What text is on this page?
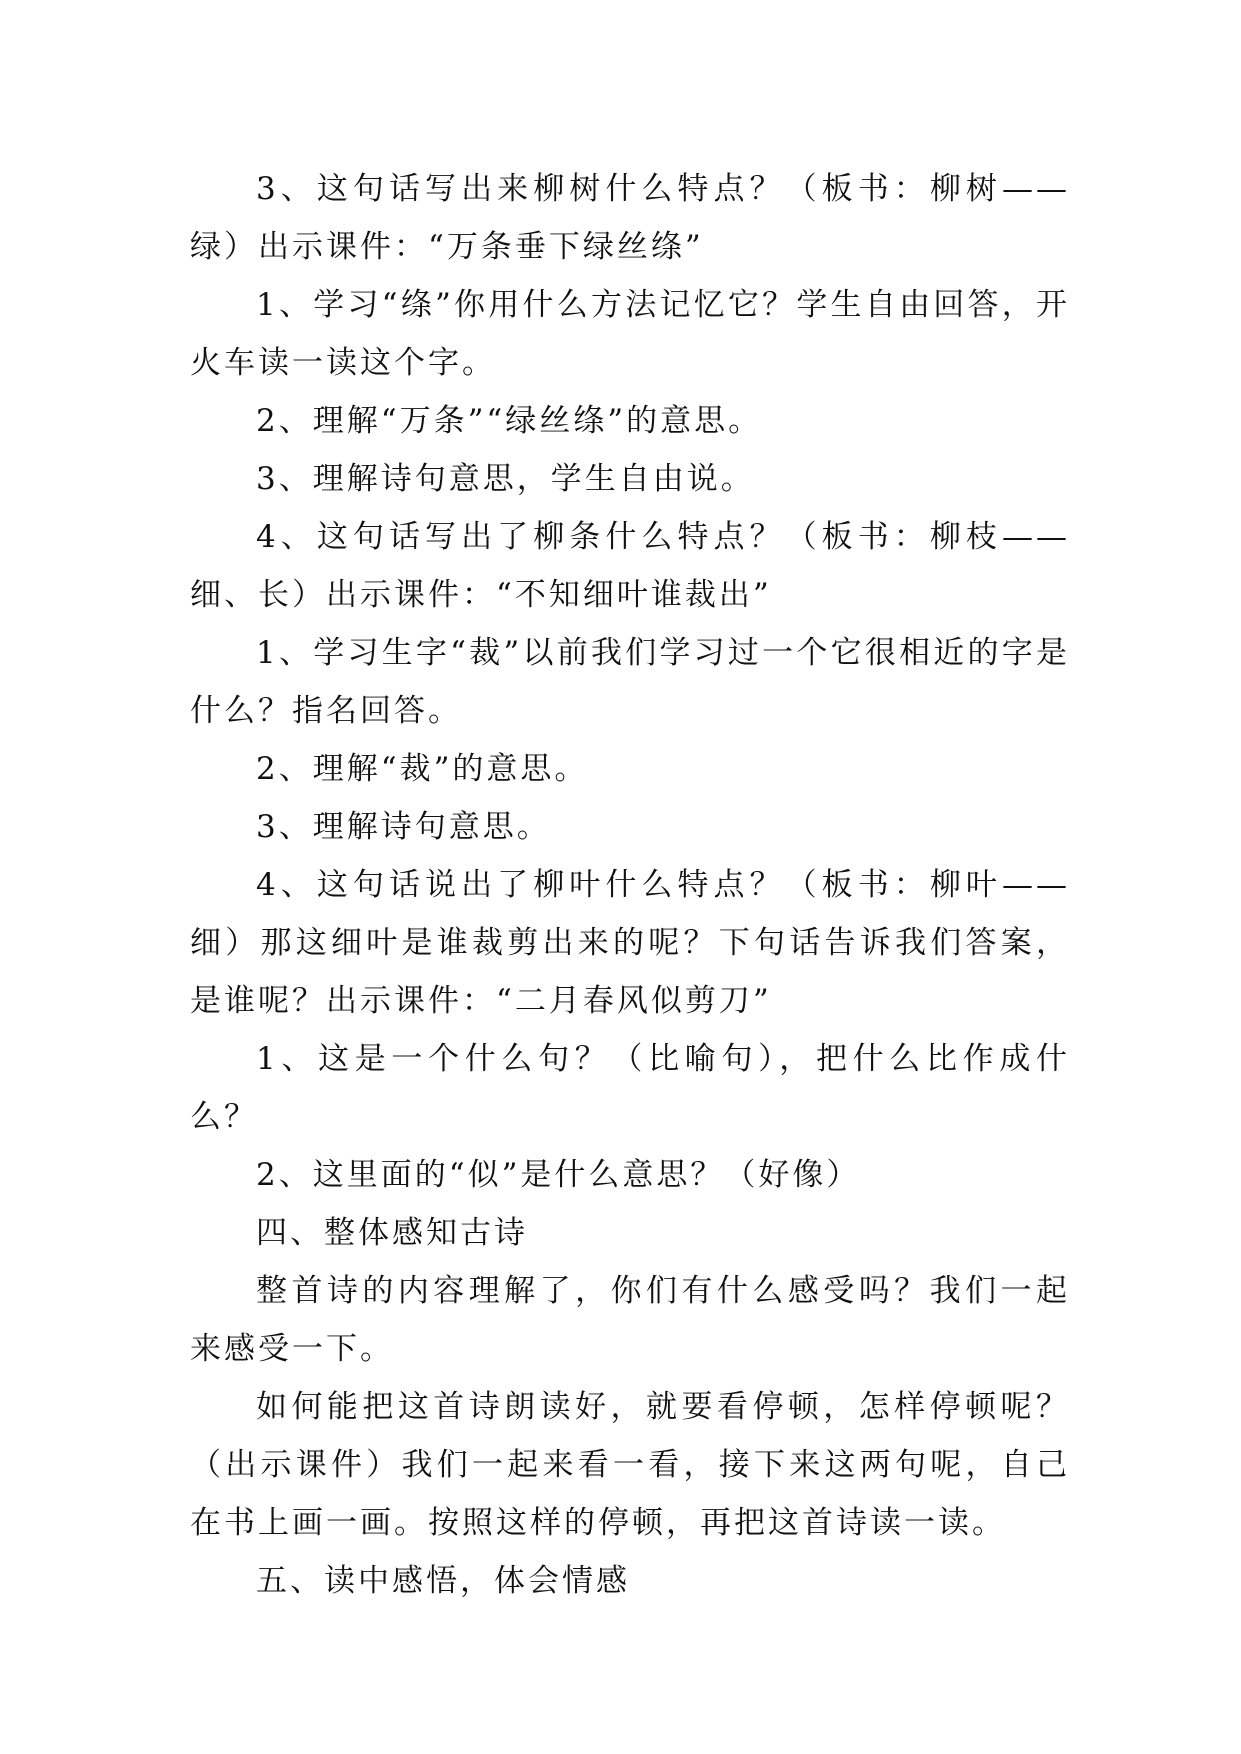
3、这句话写出来柳树什么特点？（板书：柳树——绿）出示课件：“万条垂下绿丝绦”

1、学习“绦”你用什么方法记忆它？学生自由回答，开火车读一读这个字。

2、理解“万条”“绿丝绦”的意思。

3、理解诗句意思，学生自由说。

4、这句话写出了柳条什么特点？（板书：柳枝——细、长）出示课件：“不知细叶谁裁出”

1、学习生字“裁”以前我们学习过一个它很相近的字是什么？指名回答。

2、理解“裁”的意思。

3、理解诗句意思。

4、这句话说出了柳叶什么特点？（板书：柳叶——细）那这细叶是谁裁剪出来的呢？下句话告诉我们答案，是谁呢？出示课件：“二月春风似剪刀”

1、这是一个什么句？（比喻句），把什么比作成什么？

2、这里面的“似”是什么意思？（好像）

四、整体感知古诗

整首诗的内容理解了，你们有什么感受吗？我们一起来感受一下。

如何能把这首诗朗读好，就要看停顿，怎样停顿呢？（出示课件）我们一起来看一看，接下来这两句呢，自己在书上画一画。按照这样的停顿，再把这首诗读一读。

五、读中感悟，体会情感
